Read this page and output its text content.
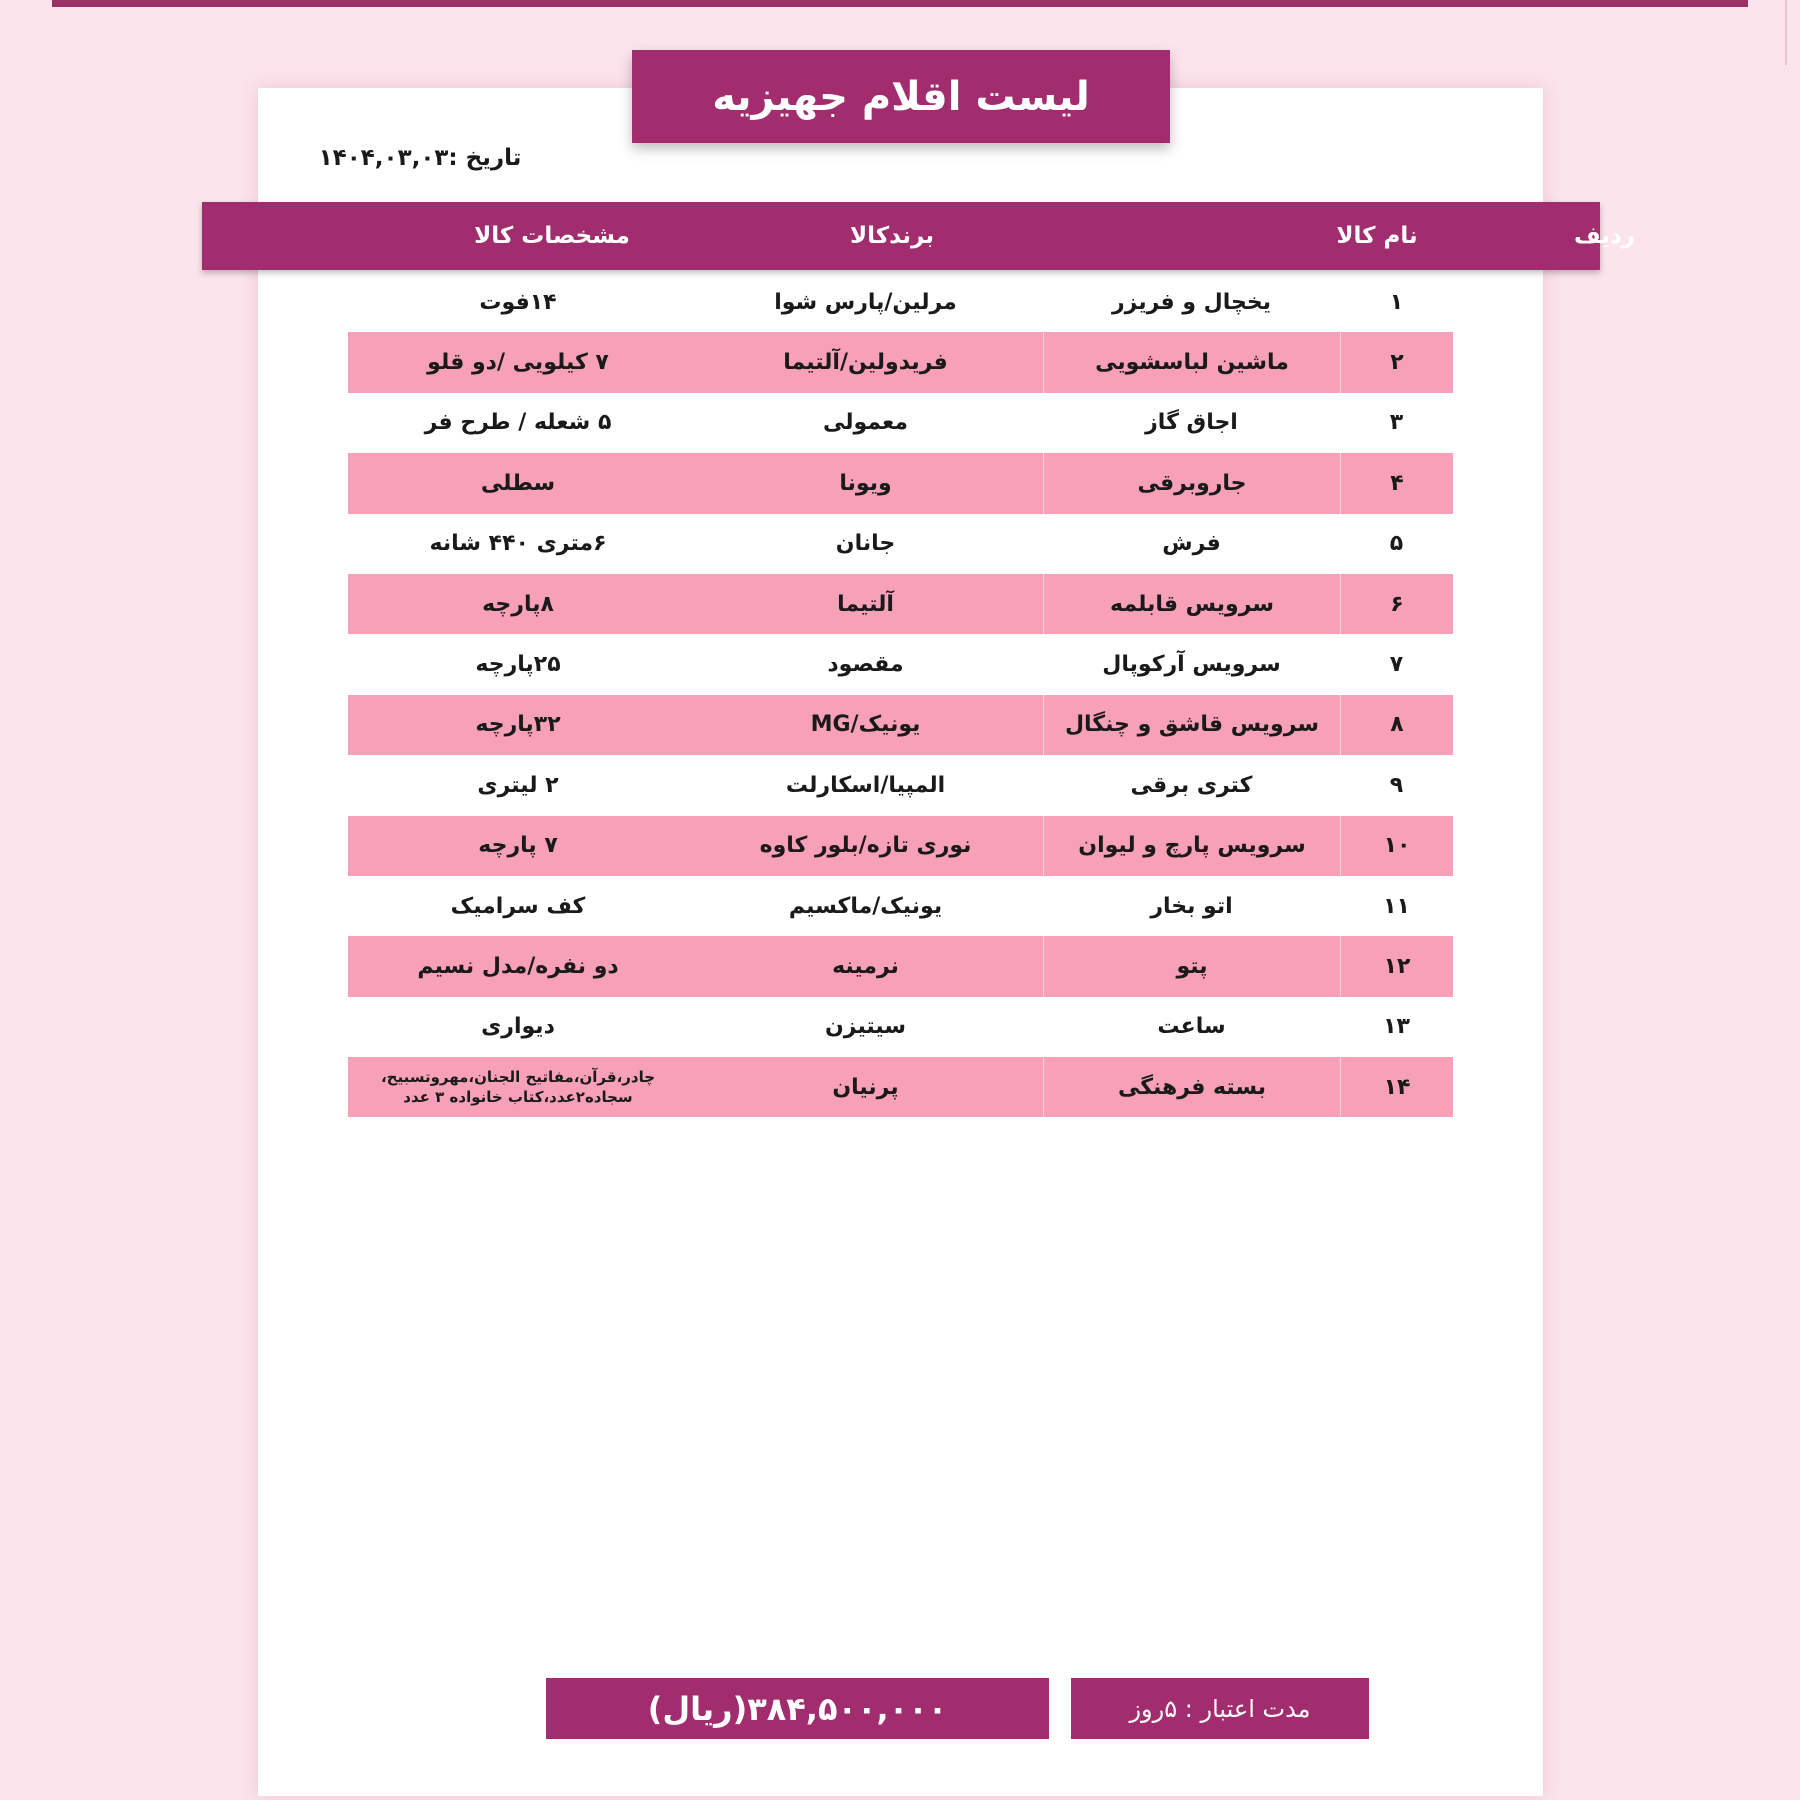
لیست اقلام جهیزیه
تاریخ :۱۴۰۴,۰۳,۰۳
ردیف
نام کالا
برندکالا
مشخصات کالا
۱
یخچال و فریزر
مرلین/پارس شوا
۱۴فوت
۲
ماشین لباسشویی
فریدولین/آلتیما
۷ کیلویی /دو قلو
۳
اجاق گاز
معمولی
۵ شعله / طرح فر
۴
جاروبرقی
ویونا
سطلی
۵
فرش
جانان
۶متری ۴۴۰ شانه
۶
سرویس قابلمه
آلتیما
۸پارچه
۷
سرویس آرکوپال
مقصود
۲۵پارچه
۸
سرویس قاشق و چنگال
یونیک/MG
۳۲پارچه
۹
کتری برقی
المپیا/اسکارلت
۲ لیتری
۱۰
سرویس پارچ و لیوان
نوری تازه/بلور کاوه
۷ پارچه
۱۱
اتو بخار
یونیک/ماکسیم
کف سرامیک
۱۲
پتو
نرمینه
دو نفره/مدل نسیم
۱۳
ساعت
سیتیزن
دیواری
۱۴
بسته فرهنگی
پرنیان
چادر،قرآن،مفاتیح الجنان،مهروتسبیح، سجاده۲عدد،کتاب خانواده ۳ عدد
۳۸۴,۵۰۰,۰۰۰(ریال)	مدت اعتبار : ۵روز
